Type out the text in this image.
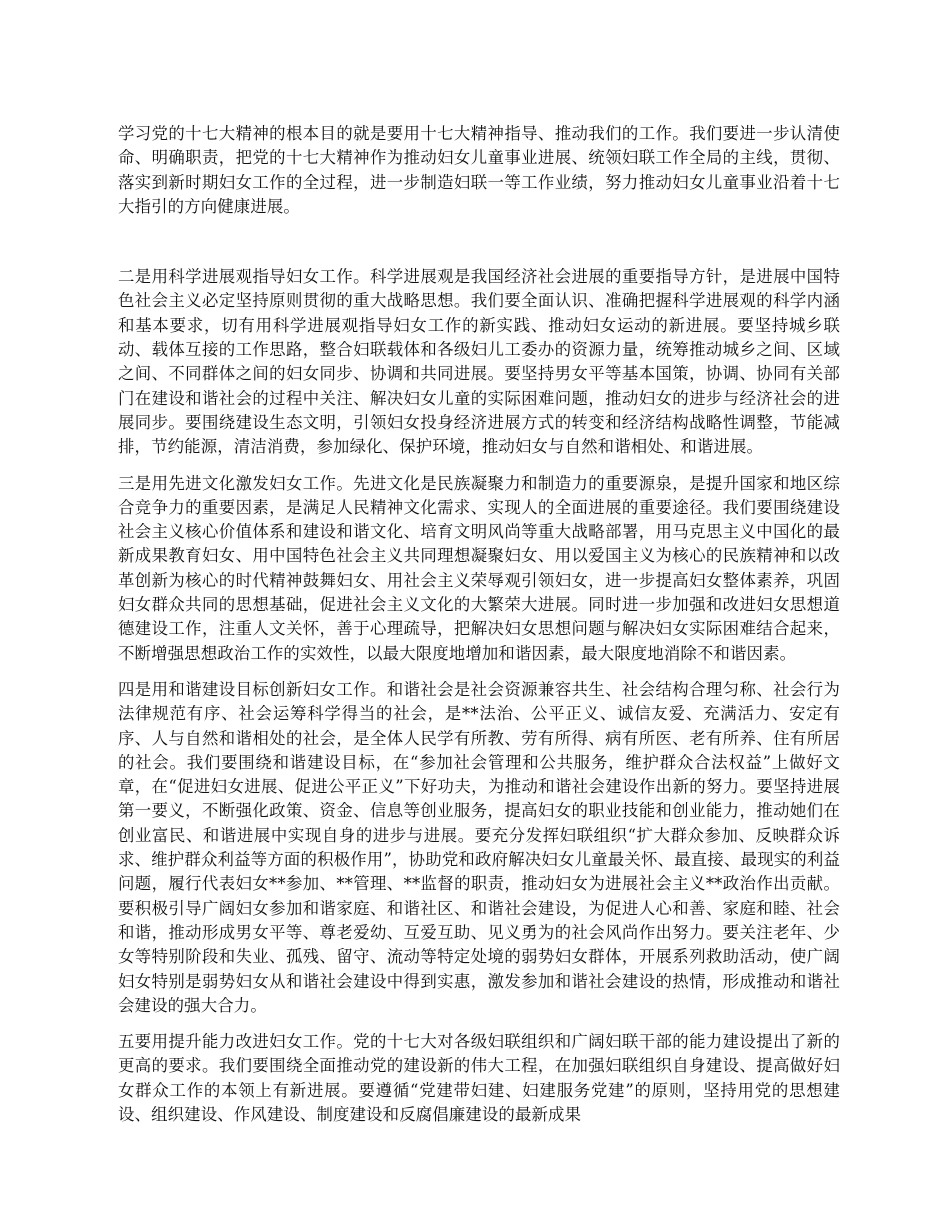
学习党的十七大精神的根本目的就是要用十七大精神指导、推动我们的工作。我们要进一步认清使命、明确职责，把党的十七大精神作为推动妇女儿童事业进展、统领妇联工作全局的主线，贯彻、落实到新时期妇女工作的全过程，进一步制造妇联一等工作业绩，努力推动妇女儿童事业沿着十七大指引的方向健康进展。

二是用科学进展观指导妇女工作。科学进展观是我国经济社会进展的重要指导方针，是进展中国特色社会主义必定坚持原则贯彻的重大战略思想。我们要全面认识、准确把握科学进展观的科学内涵和基本要求，切有用科学进展观指导妇女工作的新实践、推动妇女运动的新进展。要坚持城乡联动、载体互接的工作思路，整合妇联载体和各级妇儿工委办的资源力量，统筹推动城乡之间、区域之间、不同群体之间的妇女同步、协调和共同进展。要坚持男女平等基本国策，协调、协同有关部门在建设和谐社会的过程中关注、解决妇女儿童的实际困难问题，推动妇女的进步与经济社会的进展同步。要围绕建设生态文明，引领妇女投身经济进展方式的转变和经济结构战略性调整，节能减排，节约能源，清洁消费，参加绿化、保护环境，推动妇女与自然和谐相处、和谐进展。

三是用先进文化激发妇女工作。先进文化是民族凝聚力和制造力的重要源泉，是提升国家和地区综合竞争力的重要因素，是满足人民精神文化需求、实现人的全面进展的重要途径。我们要围绕建设社会主义核心价值体系和建设和谐文化、培育文明风尚等重大战略部署，用马克思主义中国化的最新成果教育妇女、用中国特色社会主义共同理想凝聚妇女、用以爱国主义为核心的民族精神和以改革创新为核心的时代精神鼓舞妇女、用社会主义荣辱观引领妇女，进一步提高妇女整体素养，巩固妇女群众共同的思想基础，促进社会主义文化的大繁荣大进展。同时进一步加强和改进妇女思想道德建设工作，注重人文关怀，善于心理疏导，把解决妇女思想问题与解决妇女实际困难结合起来，不断增强思想政治工作的实效性，以最大限度地增加和谐因素，最大限度地消除不和谐因素。

四是用和谐建设目标创新妇女工作。和谐社会是社会资源兼容共生、社会结构合理匀称、社会行为法律规范有序、社会运筹科学得当的社会，是**法治、公平正义、诚信友爱、充满活力、安定有序、人与自然和谐相处的社会，是全体人民学有所教、劳有所得、病有所医、老有所养、住有所居的社会。我们要围绕和谐建设目标，在“参加社会管理和公共服务，维护群众合法权益”上做好文章，在“促进妇女进展、促进公平正义”下好功夫，为推动和谐社会建设作出新的努力。要坚持进展第一要义，不断强化政策、资金、信息等创业服务，提高妇女的职业技能和创业能力，推动她们在创业富民、和谐进展中实现自身的进步与进展。要充分发挥妇联组织“扩大群众参加、反映群众诉求、维护群众利益等方面的积极作用”，协助党和政府解决妇女儿童最关怀、最直接、最现实的利益问题，履行代表妇女**参加、**管理、**监督的职责，推动妇女为进展社会主义**政治作出贡献。要积极引导广阔妇女参加和谐家庭、和谐社区、和谐社会建设，为促进人心和善、家庭和睦、社会和谐，推动形成男女平等、尊老爱幼、互爱互助、见义勇为的社会风尚作出努力。要关注老年、少女等特别阶段和失业、孤残、留守、流动等特定处境的弱势妇女群体，开展系列救助活动，使广阔妇女特别是弱势妇女从和谐社会建设中得到实惠，激发参加和谐社会建设的热情，形成推动和谐社会建设的强大合力。

五要用提升能力改进妇女工作。党的十七大对各级妇联组织和广阔妇联干部的能力建设提出了新的更高的要求。我们要围绕全面推动党的建设新的伟大工程，在加强妇联组织自身建设、提高做好妇女群众工作的本领上有新进展。要遵循“党建带妇建、妇建服务党建”的原则，坚持用党的思想建设、组织建设、作风建设、制度建设和反腐倡廉建设的最新成果
